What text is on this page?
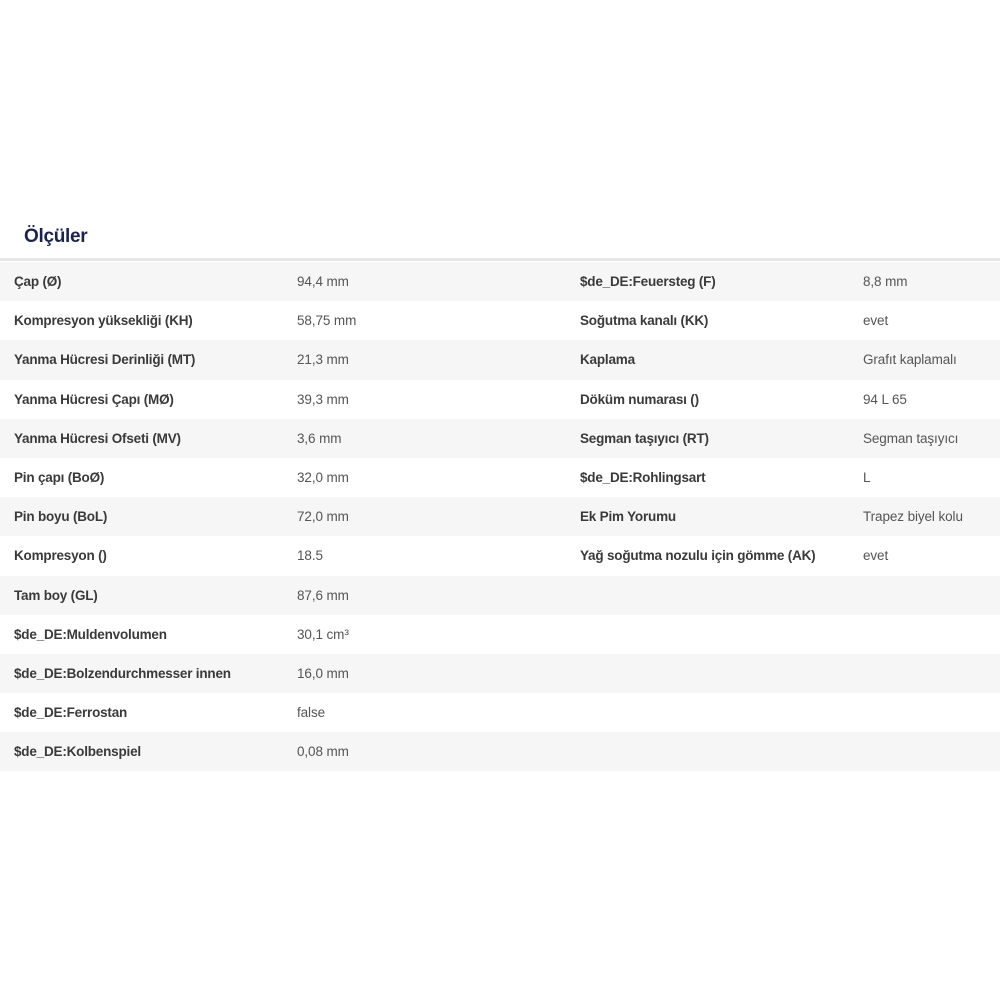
Ölçüler
Çap (Ø)	94,4 mm	$de_DE:Feuersteg (F)	8,8 mm
Kompresyon yüksekliği (KH)	58,75 mm	Soğutma kanalı (KK)	evet
Yanma Hücresi Derinliği (MT)	21,3 mm	Kaplama	Grafıt kaplamalı
Yanma Hücresi Çapı (MØ)	39,3 mm	Döküm numarası ()	94 L 65
Yanma Hücresi Ofseti (MV)	3,6 mm	Segman taşıyıcı (RT)	Segman taşıyıcı
Pin çapı (BoØ)	32,0 mm	$de_DE:Rohlingsart	L
Pin boyu (BoL)	72,0 mm	Ek Pim Yorumu	Trapez biyel kolu
Kompresyon ()	18.5	Yağ soğutma nozulu için gömme (AK)	evet
Tam boy (GL)	87,6 mm
$de_DE:Muldenvolumen	30,1 cm³
$de_DE:Bolzendurchmesser innen	16,0 mm
$de_DE:Ferrostan	false
$de_DE:Kolbenspiel	0,08 mm
